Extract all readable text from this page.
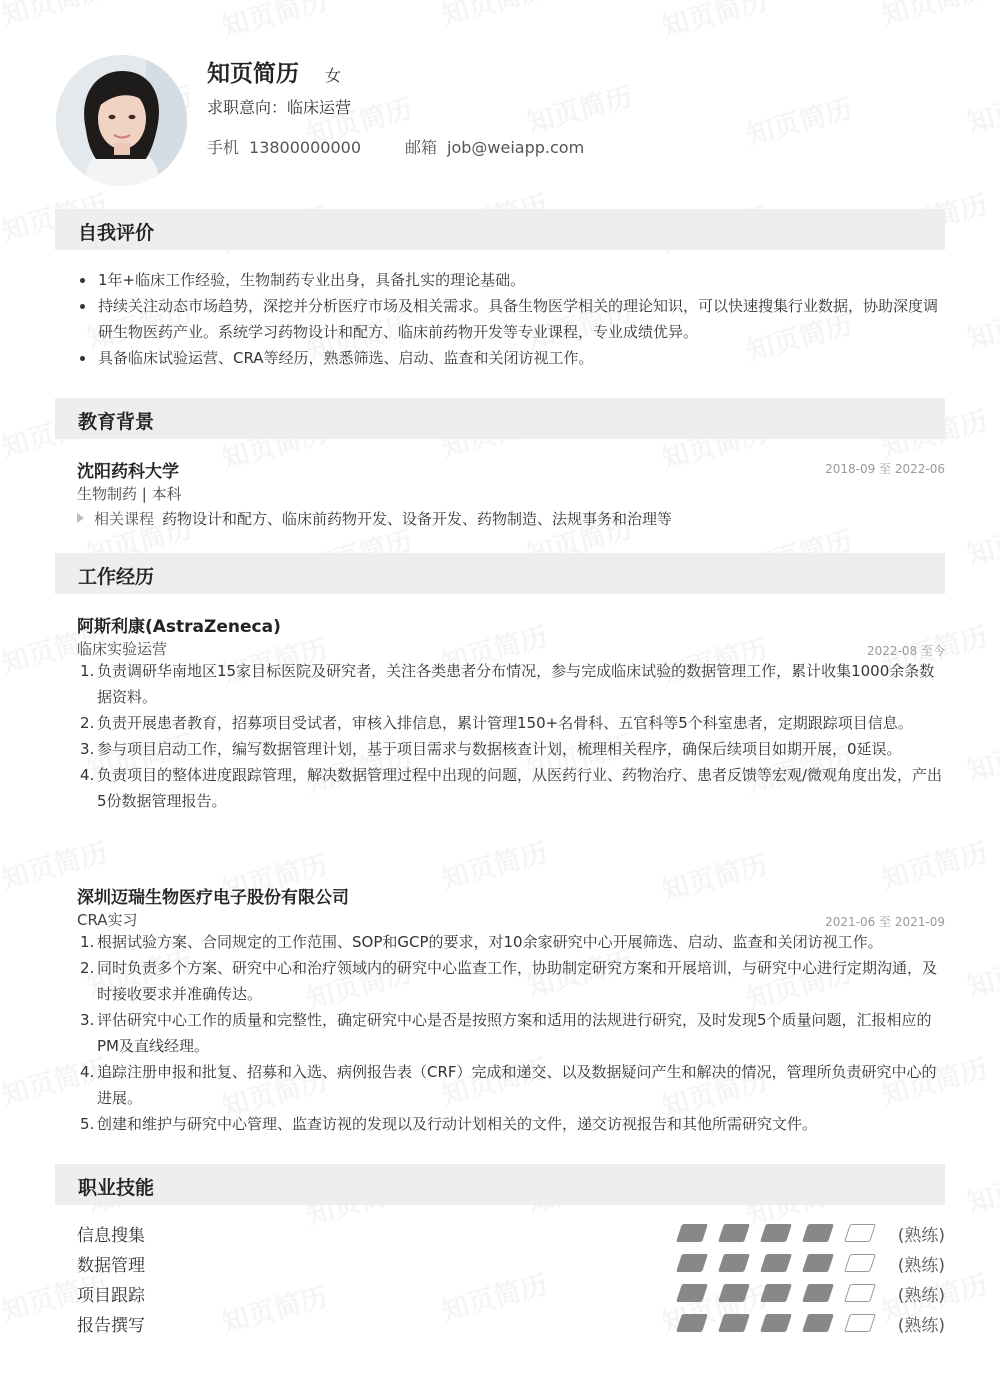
知页简历 女
求职意向：临床运营
手机 13800000000	邮箱 job@weiapp.com
自我评价
1年+临床工作经验，生物制药专业出身，具备扎实的理论基础。
持续关注动态市场趋势，深挖并分析医疗市场及相关需求。具备生物医学相关的理论知识，可以快速搜集行业数据，协助深度调研生物医药产业。系统学习药物设计和配方、临床前药物开发等专业课程，专业成绩优异。
具备临床试验运营、CRA等经历，熟悉筛选、启动、监查和关闭访视工作。
教育背景
沈阳药科大学	2018-09 至 2022-06
生物制药 | 本科
相关课程 药物设计和配方、临床前药物开发、设备开发、药物制造、法规事务和治理等
工作经历
阿斯利康(AstraZeneca)
临床实验运营	2022-08 至今
1. 负责调研华南地区15家目标医院及研究者，关注各类患者分布情况，参与完成临床试验的数据管理工作，累计收集1000余条数据资料。
2. 负责开展患者教育，招募项目受试者，审核入排信息，累计管理150+名骨科、五官科等5个科室患者，定期跟踪项目信息。
3. 参与项目启动工作，编写数据管理计划，基于项目需求与数据核查计划，梳理相关程序，确保后续项目如期开展，0延误。
4. 负责项目的整体进度跟踪管理，解决数据管理过程中出现的问题，从医药行业、药物治疗、患者反馈等宏观/微观角度出发，产出5份数据管理报告。
深圳迈瑞生物医疗电子股份有限公司
CRA实习	2021-06 至 2021-09
1. 根据试验方案、合同规定的工作范围、SOP和GCP的要求，对10余家研究中心开展筛选、启动、监查和关闭访视工作。
2. 同时负责多个方案、研究中心和治疗领域内的研究中心监查工作，协助制定研究方案和开展培训，与研究中心进行定期沟通，及时接收要求并准确传达。
3. 评估研究中心工作的质量和完整性，确定研究中心是否是按照方案和适用的法规进行研究，及时发现5个质量问题，汇报相应的PM及直线经理。
4. 追踪注册申报和批复、招募和入选、病例报告表（CRF）完成和递交、以及数据疑问产生和解决的情况，管理所负责研究中心的进展。
5. 创建和维护与研究中心管理、监查访视的发现以及行动计划相关的文件，递交访视报告和其他所需研究文件。
职业技能
信息搜集	(熟练)
数据管理	(熟练)
项目跟踪	(熟练)
报告撰写	(熟练)
